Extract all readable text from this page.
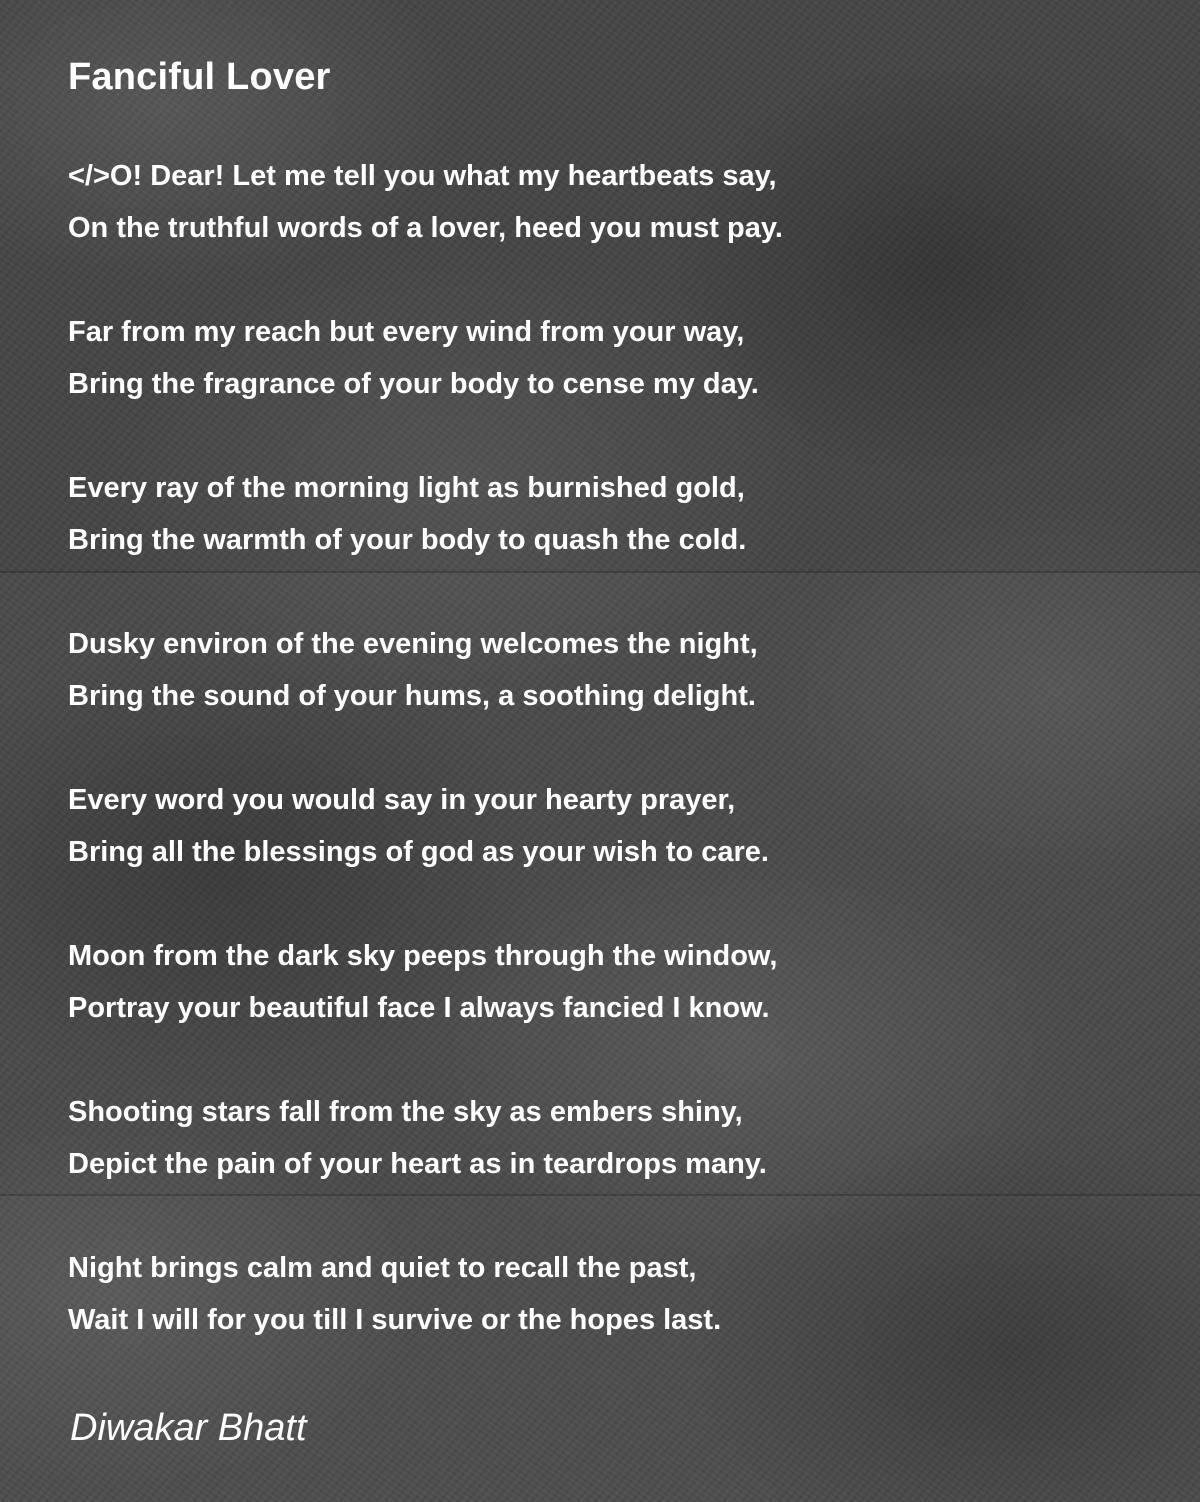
Fanciful Lover
</>O! Dear! Let me tell you what my heartbeats say,
On the truthful words of a lover, heed you must pay.
Far from my reach but every wind from your way,
Bring the fragrance of your body to cense my day.
Every ray of the morning light as burnished gold,
Bring the warmth of your body to quash the cold.
Dusky environ of the evening welcomes the night,
Bring the sound of your hums, a soothing delight.
Every word you would say in your hearty prayer,
Bring all the blessings of god as your wish to care.
Moon from the dark sky peeps through the window,
Portray your beautiful face I always fancied I know.
Shooting stars fall from the sky as embers shiny,
Depict the pain of your heart as in teardrops many.
Night brings calm and quiet to recall the past,
Wait I will for you till I survive or the hopes last.
Diwakar Bhatt
